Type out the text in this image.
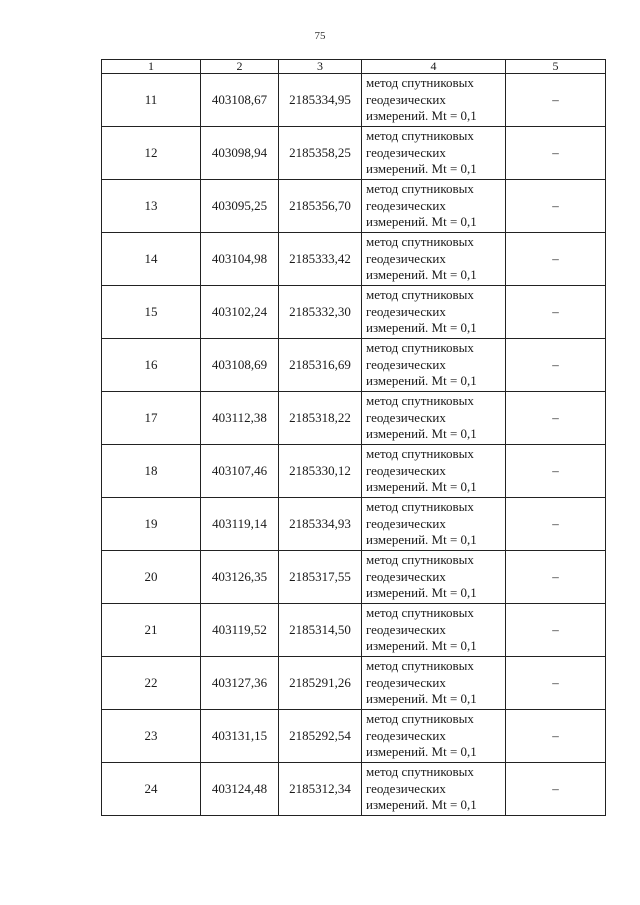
75
1	2	3	4	5
11	403108,67	2185334,95	метод спутниковых
геодезических
измерений. Mt = 0,1	–
12	403098,94	2185358,25	метод спутниковых
геодезических
измерений. Mt = 0,1	–
13	403095,25	2185356,70	метод спутниковых
геодезических
измерений. Mt = 0,1	–
14	403104,98	2185333,42	метод спутниковых
геодезических
измерений. Mt = 0,1	–
15	403102,24	2185332,30	метод спутниковых
геодезических
измерений. Mt = 0,1	–
16	403108,69	2185316,69	метод спутниковых
геодезических
измерений. Mt = 0,1	–
17	403112,38	2185318,22	метод спутниковых
геодезических
измерений. Mt = 0,1	–
18	403107,46	2185330,12	метод спутниковых
геодезических
измерений. Mt = 0,1	–
19	403119,14	2185334,93	метод спутниковых
геодезических
измерений. Mt = 0,1	–
20	403126,35	2185317,55	метод спутниковых
геодезических
измерений. Mt = 0,1	–
21	403119,52	2185314,50	метод спутниковых
геодезических
измерений. Mt = 0,1	–
22	403127,36	2185291,26	метод спутниковых
геодезических
измерений. Mt = 0,1	–
23	403131,15	2185292,54	метод спутниковых
геодезических
измерений. Mt = 0,1	–
24	403124,48	2185312,34	метод спутниковых
геодезических
измерений. Mt = 0,1	–
